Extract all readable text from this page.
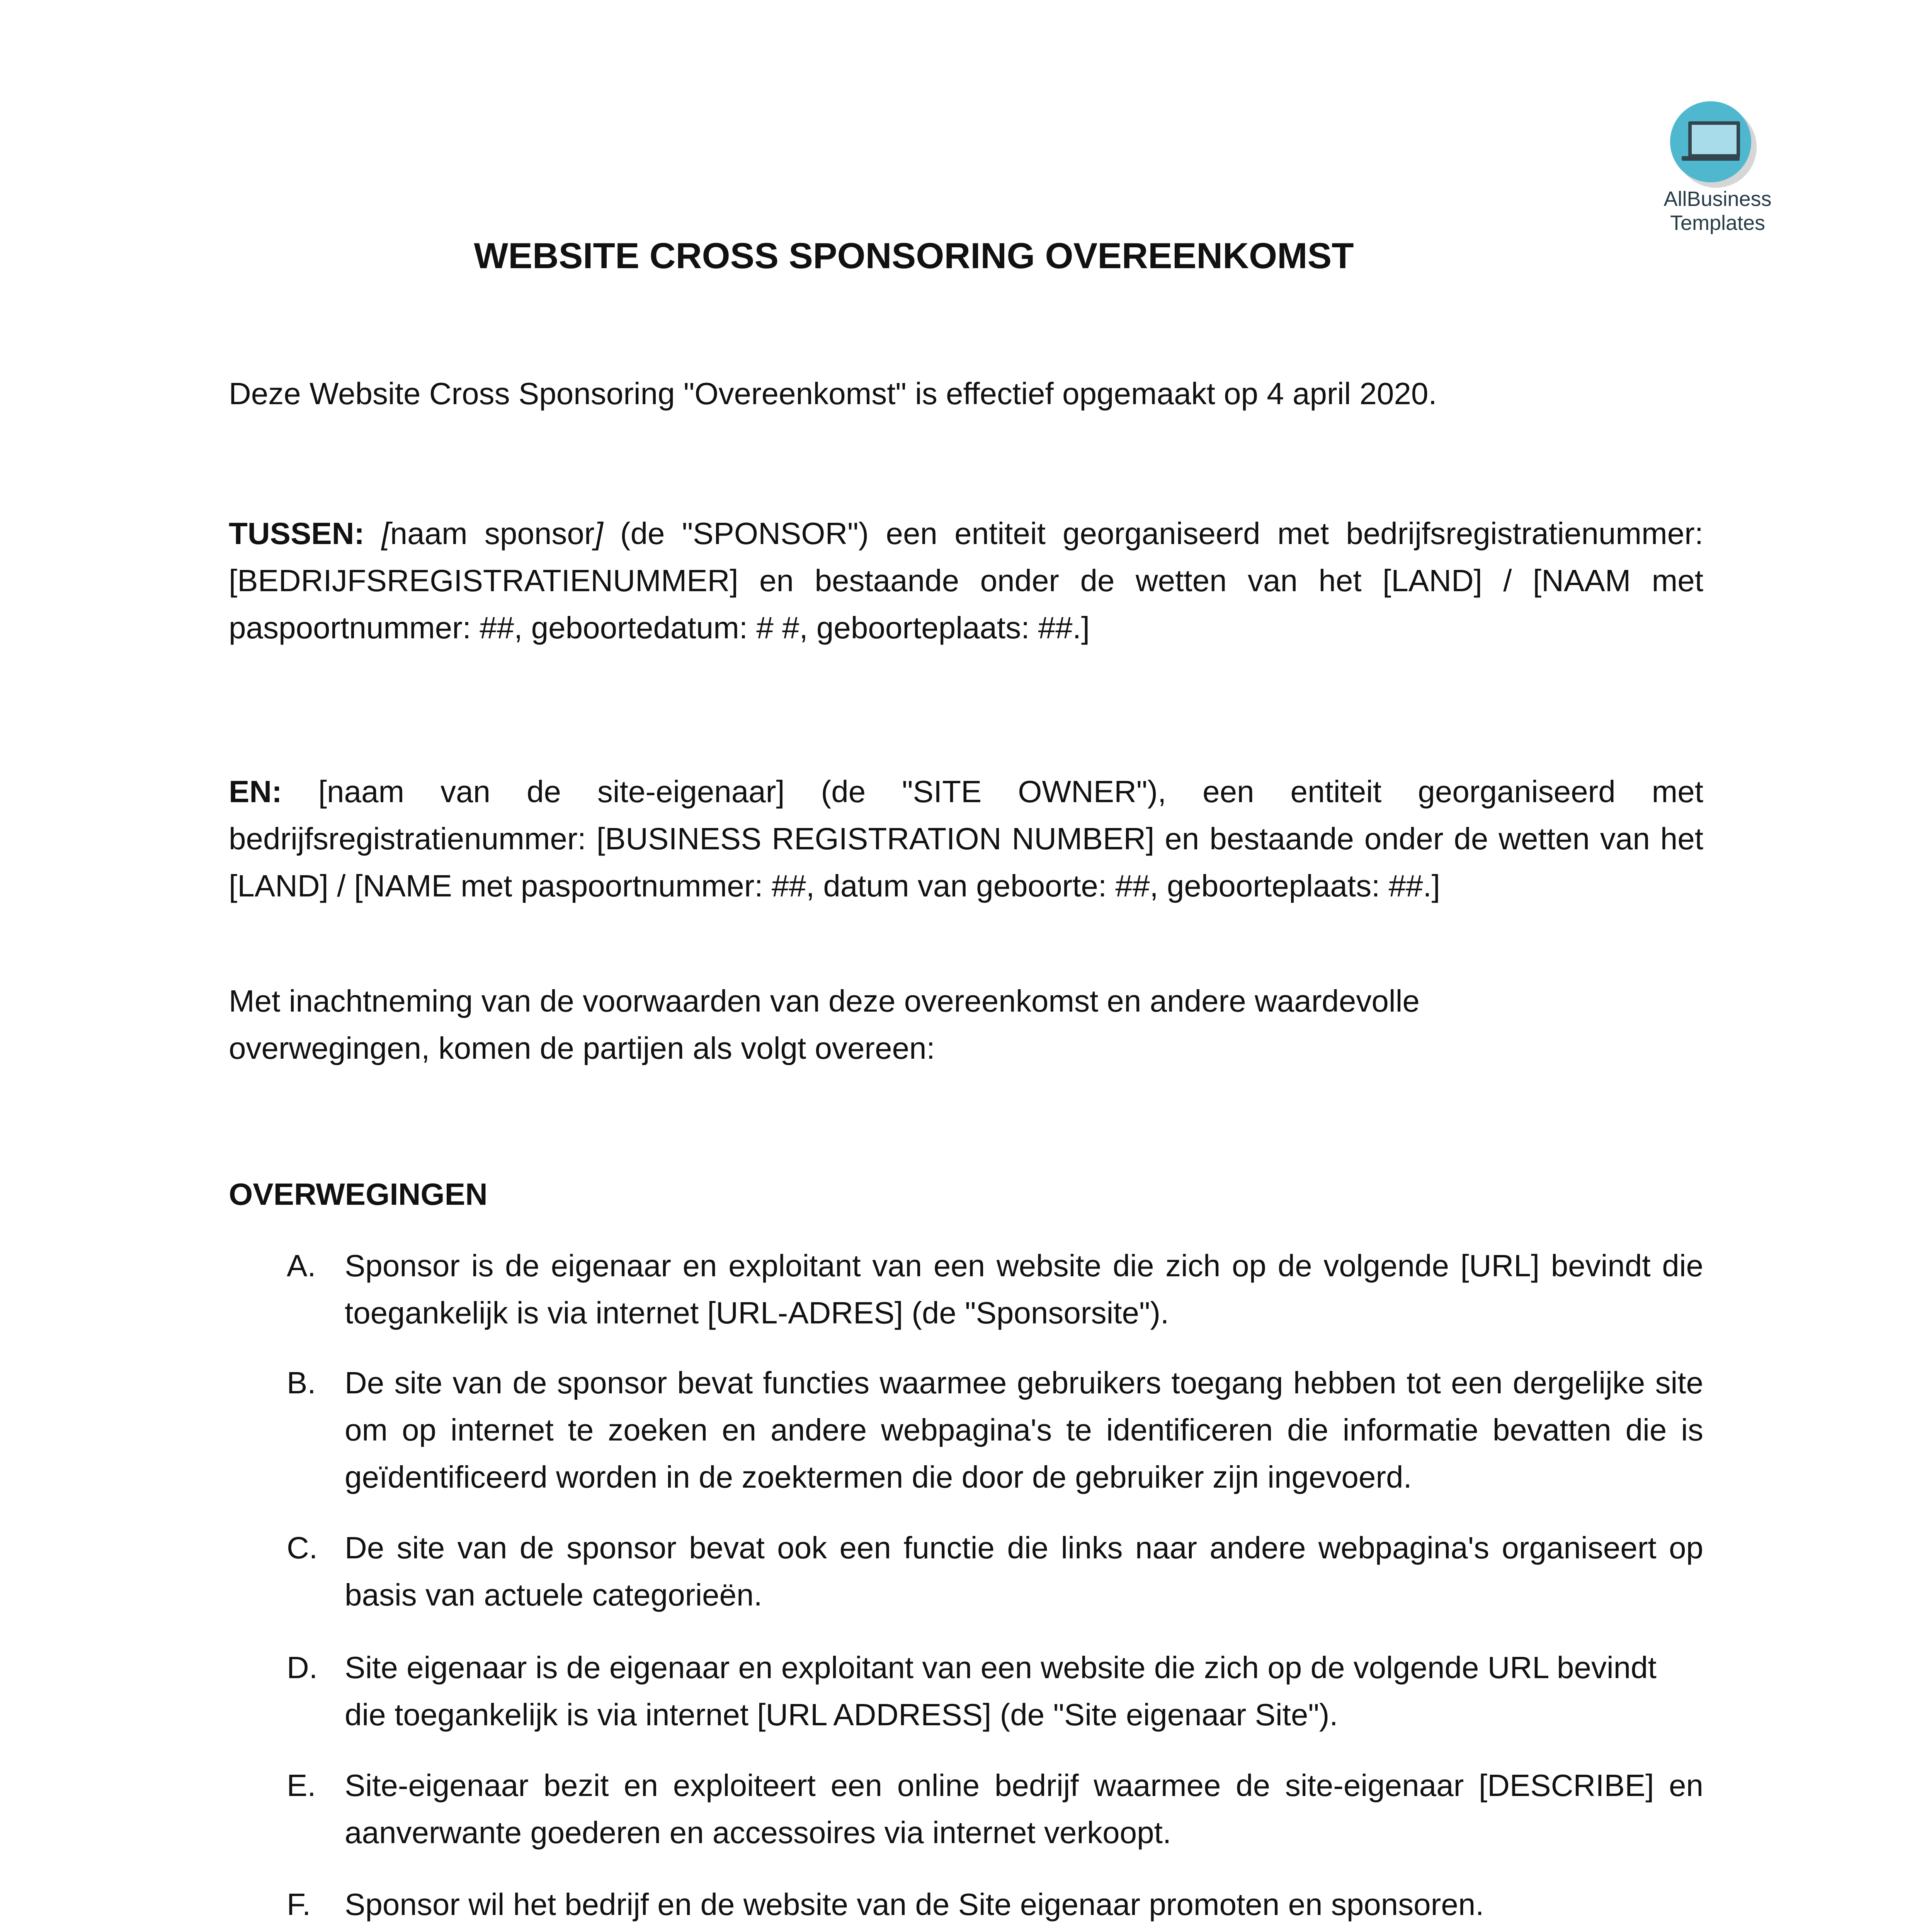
AllBusiness
Templates
WEBSITE CROSS SPONSORING OVEREENKOMST

Deze Website Cross Sponsoring "Overeenkomst" is effectief opgemaakt op 4 april 2020.

TUSSEN: [naam sponsor] (de "SPONSOR") een entiteit georganiseerd met bedrijfsregistratienummer: [BEDRIJFSREGISTRATIENUMMER] en bestaande onder de wetten van het [LAND] / [NAAM met paspoortnummer: ##, geboortedatum: # #, geboorteplaats: ##.]

EN: [naam van de site-eigenaar] (de "SITE OWNER"), een entiteit georganiseerd met bedrijfsregistratienummer: [BUSINESS REGISTRATION NUMBER] en bestaande onder de wetten van het [LAND] / [NAME met paspoortnummer: ##, datum van geboorte: ##, geboorteplaats: ##.]

Met inachtneming van de voorwaarden van deze overeenkomst en andere waardevolle
overwegingen, komen de partijen als volgt overeen:
OVERWEGINGEN
A. Sponsor is de eigenaar en exploitant van een website die zich op de volgende [URL] bevindt die toegankelijk is via internet [URL-ADRES] (de "Sponsorsite").
B. De site van de sponsor bevat functies waarmee gebruikers toegang hebben tot een dergelijke site om op internet te zoeken en andere webpagina's te identificeren die informatie bevatten die is geïdentificeerd worden in de zoektermen die door de gebruiker zijn ingevoerd.
C. De site van de sponsor bevat ook een functie die links naar andere webpagina's organiseert op basis van actuele categorieën.
D. Site eigenaar is de eigenaar en exploitant van een website die zich op de volgende URL bevindt die toegankelijk is via internet [URL ADDRESS] (de "Site eigenaar Site").
E. Site-eigenaar bezit en exploiteert een online bedrijf waarmee de site-eigenaar [DESCRIBE] en aanverwante goederen en accessoires via internet verkoopt.
F. Sponsor wil het bedrijf en de website van de Site eigenaar promoten en sponsoren.
